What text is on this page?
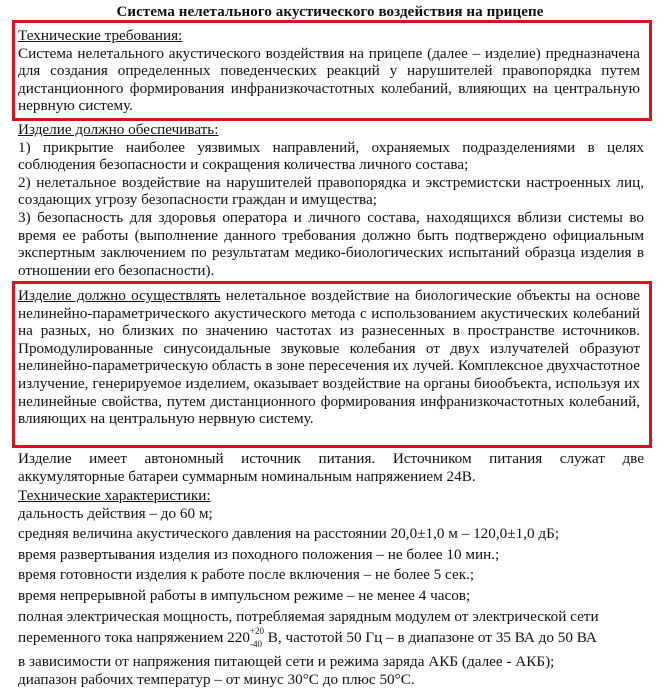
Система нелетального акустического воздействия на прицепе
Технические требования:
Система нелетального акустического воздействия на прицепе (далее – изделие) предназначена для создания определенных поведенческих реакций у нарушителей правопорядка путем дистанционного формирования инфранизкочастотных колебаний, влияющих на центральную нервную систему.
Изделие должно обеспечивать:
1) прикрытие наиболее уязвимых направлений, охраняемых подразделениями в целях соблюдения безопасности и сокращения количества личного состава;
2) нелетальное воздействие на нарушителей правопорядка и экстремистски настроенных лиц, создающих угрозу безопасности граждан и имущества;
3) безопасность для здоровья оператора и личного состава, находящихся вблизи системы во время ее работы (выполнение данного требования должно быть подтверждено официальным экспертным заключением по результатам медико-биологических испытаний образца изделия в отношении его безопасности).
Изделие должно осуществлять нелетальное воздействие на биологические объекты на основе нелинейно-параметрического акустического метода с использованием акустических колебаний на разных, но близких по значению частотах из разнесенных в пространстве источников. Промодулированные синусоидальные звуковые колебания от двух излучателей образуют нелинейно-параметрическую область в зоне пересечения их лучей. Комплексное двухчастотное излучение, генерируемое изделием, оказывает воздействие на органы биообъекта, используя их нелинейные свойства, путем дистанционного формирования инфранизкочастотных колебаний, влияющих на центральную нервную систему.
Изделие имеет автономный источник питания. Источником питания служат две аккумуляторные батареи суммарным номинальным напряжением 24В.
Технические характеристики:
дальность действия – до 60 м;
средняя величина акустического давления на расстоянии 20,0±1,0 м – 120,0±1,0 дБ;
время развертывания изделия из походного положения – не более 10 мин.;
время готовности изделия к работе после включения – не более 5 сек.;
время непрерывной работы в импульсном режиме – не менее 4 часов;
полная электрическая мощность, потребляемая зарядным модулем от электрической сети
переменного тока напряжением 220 +20
-40 В, частотой 50 Гц – в диапазоне от 35 ВА до 50 ВА
в зависимости от напряжения питающей сети и режима заряда АКБ (далее - АКБ);
диапазон рабочих температур – от минус 30°С до плюс 50°С.
